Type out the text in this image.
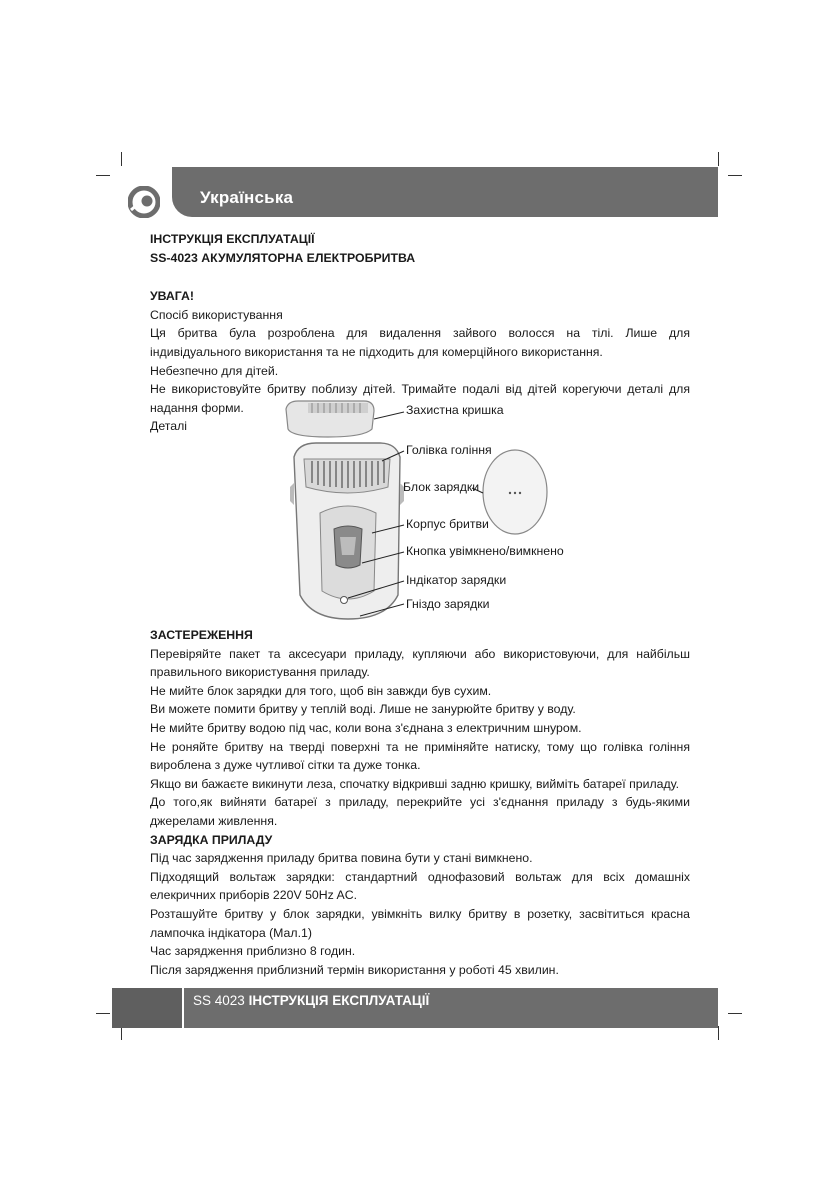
Українська

ІНСТРУКЦІЯ ЕКСПЛУАТАЦІЇ

SS-4023 АКУМУЛЯТОРНА ЕЛЕКТРОБРИТВА

УВАГА!

Спосіб використування

Ця бритва була розроблена для видалення зайвого волосся на тілі. Лише для індивідуального використання та не підходить для комерційного використання.

Небезпечно для дітей.

Не використовуйте бритву поблизу дітей. Тримайте подалі від дітей корегуючи деталі для надання форми.

Деталі

Захистна кришка
Голівка гоління
Блок зарядки
Корпус бритви
Кнопка увімкнено/вимкнено
Індікатор зарядки
Гніздо зарядки

ЗАСТЕРЕЖЕННЯ

Перевіряйте пакет та аксесуари приладу, купляючи або використовуючи, для найбільш правильного використування приладу.

Не мийте блок зарядки для того, щоб він завжди був сухим.

Ви можете помити бритву у теплій воді. Лише не занурюйте бритву у воду.

Не мийте бритву водою під час, коли вона з'єднана з електричним шнуром.

Не роняйте бритву на тверді поверхні та не приміняйте натиску, тому що голівка гоління вироблена з дуже чутливої сітки та дуже тонка.

Якщо ви бажаєте викинути леза, спочатку відкривші задню кришку, вийміть батареї приладу.

До того,як вийняти батареї з приладу, перекрийте усі з'єднання приладу з будь-якими джерелами живлення.

ЗАРЯДКА ПРИЛАДУ

Під час зарядження приладу бритва повина бути у стані вимкнено.

Підходящий вольтаж зарядки: стандартний однофазовий вольтаж для всіх домашніх елекричних приборів 220V 50Hz AC.

Розташуйте бритву у блок зарядки, увімкніть вилку бритву в розетку, засвітиться красна лампочка індікатора (Мал.1)

Час зарядження приблизно 8 годин.

Після зарядження приблизний термін використання у роботі 45 хвилин.

SS 4023 ІНСТРУКЦІЯ ЕКСПЛУАТАЦІЇ
